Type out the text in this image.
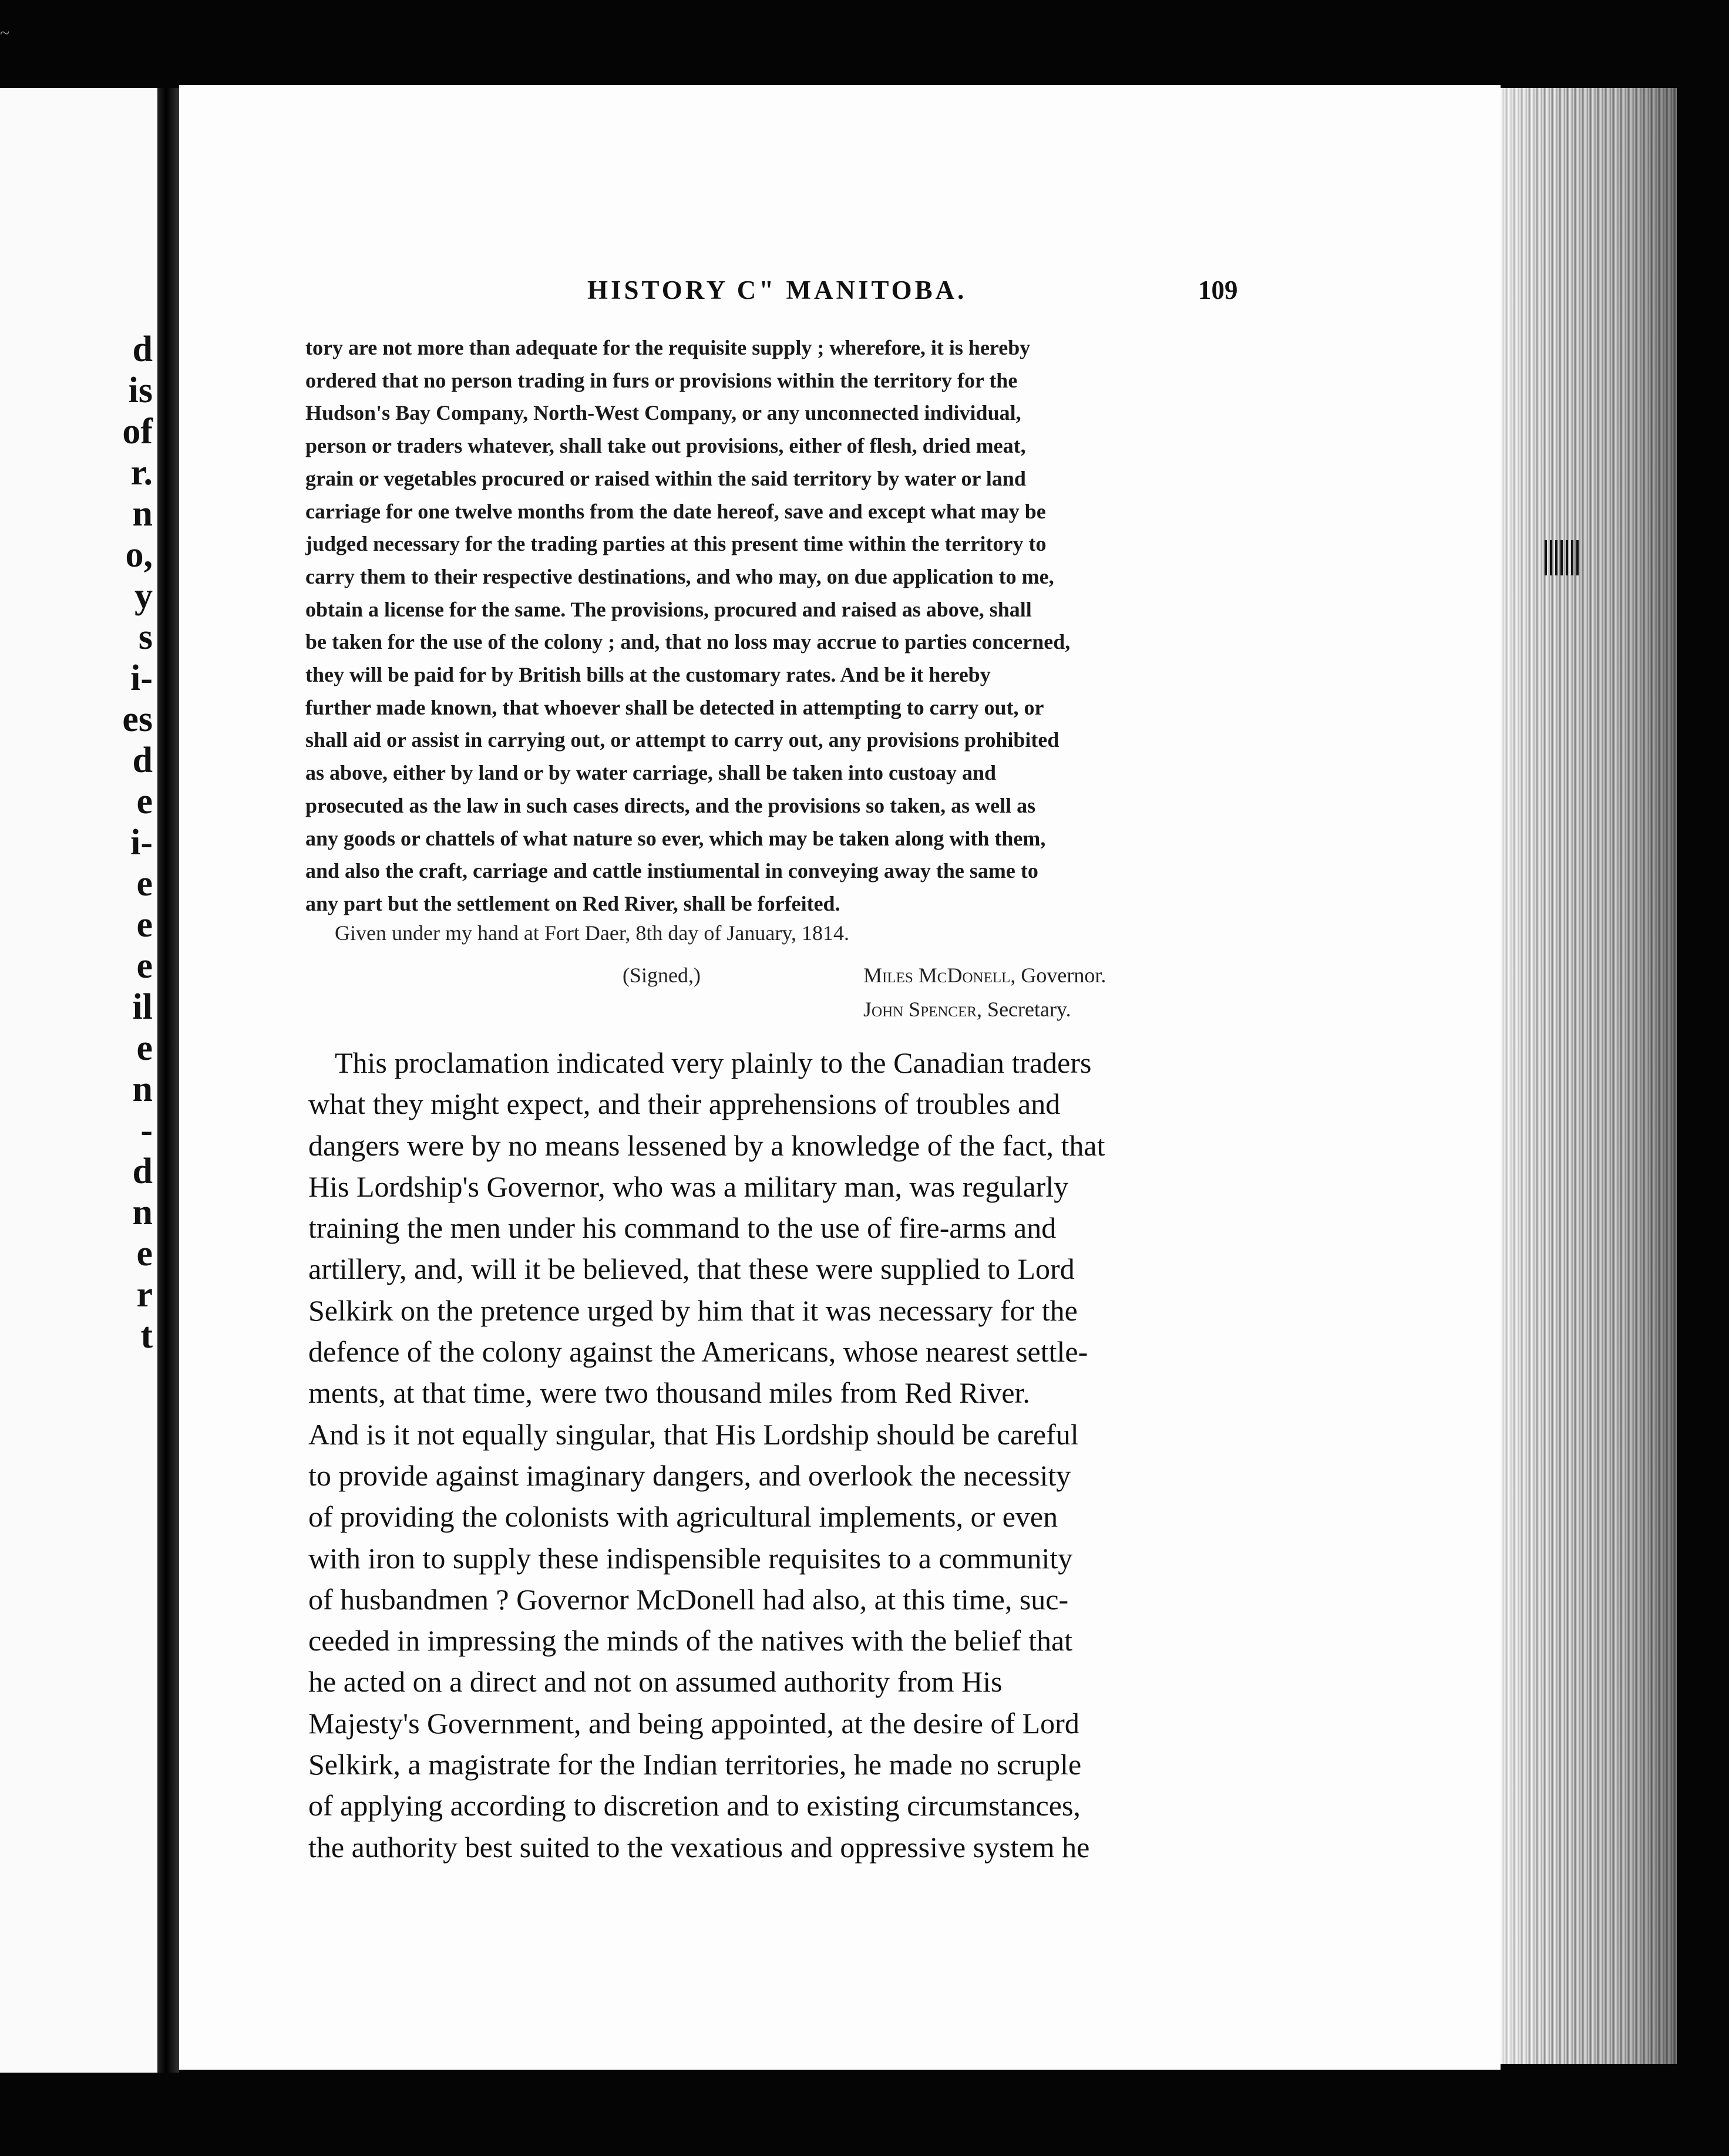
~
d
is
of
r.
n
o,
y
s
i-
es
d
e
i-
e
e
e
il
e
n
-
d
n
e
r
t
HISTORY C" MANITOBA.	109

tory are not more than adequate for the requisite supply ; wherefore, it is hereby
ordered that no person trading in furs or provisions within the territory for the
Hudson's Bay Company, North-West Company, or any unconnected individual,
person or traders whatever, shall take out provisions, either of flesh, dried meat,
grain or vegetables procured or raised within the said territory by water or land
carriage for one twelve months from the date hereof, save and except what may be
judged necessary for the trading parties at this present time within the territory to
carry them to their respective destinations, and who may, on due application to me,
obtain a license for the same. The provisions, procured and raised as above, shall
be taken for the use of the colony ; and, that no loss may accrue to parties concerned,
they will be paid for by British bills at the customary rates. And be it hereby
further made known, that whoever shall be detected in attempting to carry out, or
shall aid or assist in carrying out, or attempt to carry out, any provisions prohibited
as above, either by land or by water carriage, shall be taken into custoay and
prosecuted as the law in such cases directs, and the provisions so taken, as well as
any goods or chattels of what nature so ever, which may be taken along with them,
and also the craft, carriage and cattle instiumental in conveying away the same to
any part but the settlement on Red River, shall be forfeited.

Given under my hand at Fort Daer, 8th day of January, 1814.

(Signed,)	Miles McDonell, Governor.

John Spencer, Secretary.

This proclamation indicated very plainly to the Canadian traders
what they might expect, and their apprehensions of troubles and
dangers were by no means lessened by a knowledge of the fact, that
His Lordship's Governor, who was a military man, was regularly
training the men under his command to the use of fire-arms and
artillery, and, will it be believed, that these were supplied to Lord
Selkirk on the pretence urged by him that it was necessary for the
defence of the colony against the Americans, whose nearest settle-
ments, at that time, were two thousand miles from Red River.
And is it not equally singular, that His Lordship should be careful
to provide against imaginary dangers, and overlook the necessity
of providing the colonists with agricultural implements, or even
with iron to supply these indispensible requisites to a community
of husbandmen ? Governor McDonell had also, at this time, suc-
ceeded in impressing the minds of the natives with the belief that
he acted on a direct and not on assumed authority from His
Majesty's Government, and being appointed, at the desire of Lord
Selkirk, a magistrate for the Indian territories, he made no scruple
of applying according to discretion and to existing circumstances,
the authority best suited to the vexatious and oppressive system he
